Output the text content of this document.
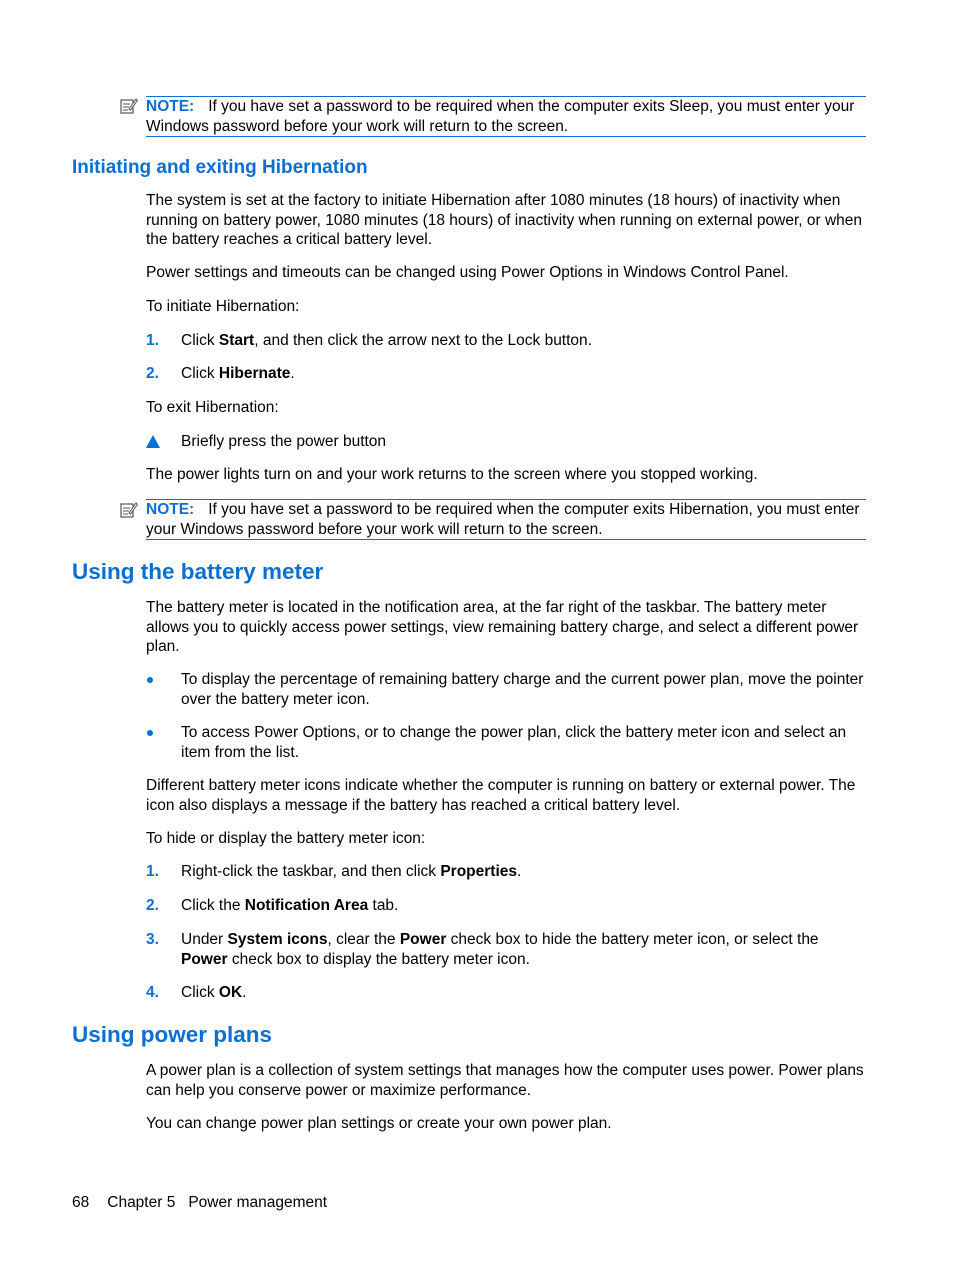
NOTE: If you have set a password to be required when the computer exits Sleep, you must enter your Windows password before your work will return to the screen.
Initiating and exiting Hibernation
The system is set at the factory to initiate Hibernation after 1080 minutes (18 hours) of inactivity when running on battery power, 1080 minutes (18 hours) of inactivity when running on external power, or when the battery reaches a critical battery level.
Power settings and timeouts can be changed using Power Options in Windows Control Panel.
To initiate Hibernation:
1. Click Start, and then click the arrow next to the Lock button.
2. Click Hibernate.
To exit Hibernation:
Briefly press the power button
The power lights turn on and your work returns to the screen where you stopped working.
NOTE: If you have set a password to be required when the computer exits Hibernation, you must enter your Windows password before your work will return to the screen.
Using the battery meter
The battery meter is located in the notification area, at the far right of the taskbar. The battery meter allows you to quickly access power settings, view remaining battery charge, and select a different power plan.
To display the percentage of remaining battery charge and the current power plan, move the pointer over the battery meter icon.
To access Power Options, or to change the power plan, click the battery meter icon and select an item from the list.
Different battery meter icons indicate whether the computer is running on battery or external power. The icon also displays a message if the battery has reached a critical battery level.
To hide or display the battery meter icon:
1. Right-click the taskbar, and then click Properties.
2. Click the Notification Area tab.
3. Under System icons, clear the Power check box to hide the battery meter icon, or select the Power check box to display the battery meter icon.
4. Click OK.
Using power plans
A power plan is a collection of system settings that manages how the computer uses power. Power plans can help you conserve power or maximize performance.
You can change power plan settings or create your own power plan.
68 Chapter 5 Power management
